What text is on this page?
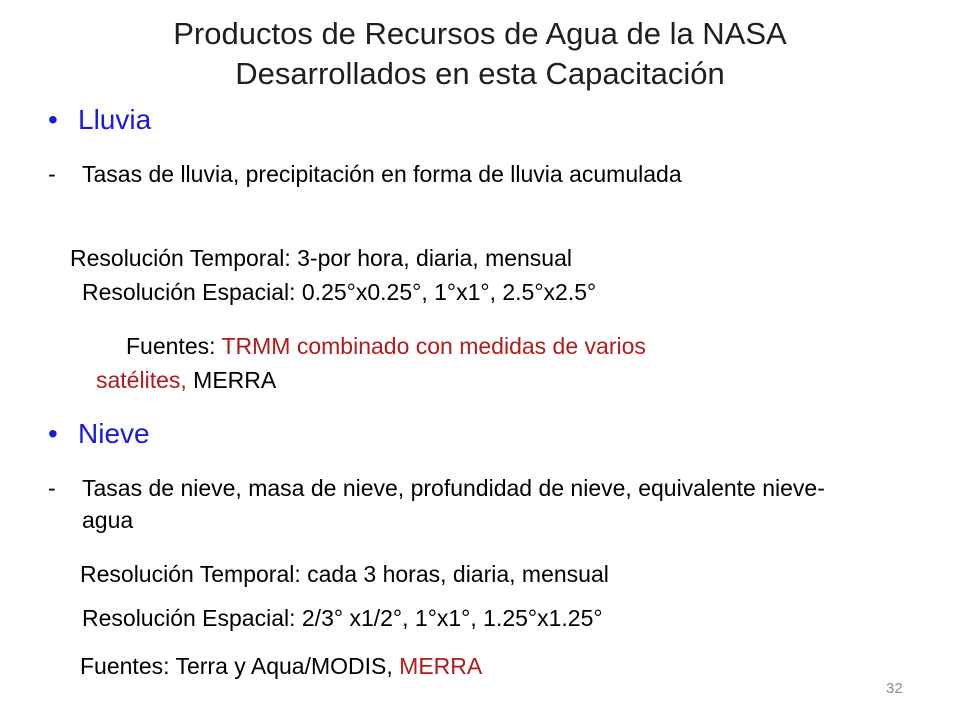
Productos de Recursos de Agua de la NASA
Desarrollados en esta Capacitación
• Lluvia
- Tasas de lluvia, precipitación en forma de lluvia acumulada
Resolución Temporal: 3-por hora, diaria, mensual
Resolución Espacial: 0.25°x0.25°, 1°x1°, 2.5°x2.5°
Fuentes: TRMM combinado con medidas de varios
satélites, MERRA
• Nieve
- Tasas de nieve, masa de nieve, profundidad de nieve, equivalente nieve-agua
Resolución Temporal: cada 3 horas, diaria, mensual
Resolución Espacial: 2/3° x1/2°, 1°x1°, 1.25°x1.25°
Fuentes: Terra y Aqua/MODIS, MERRA
32
